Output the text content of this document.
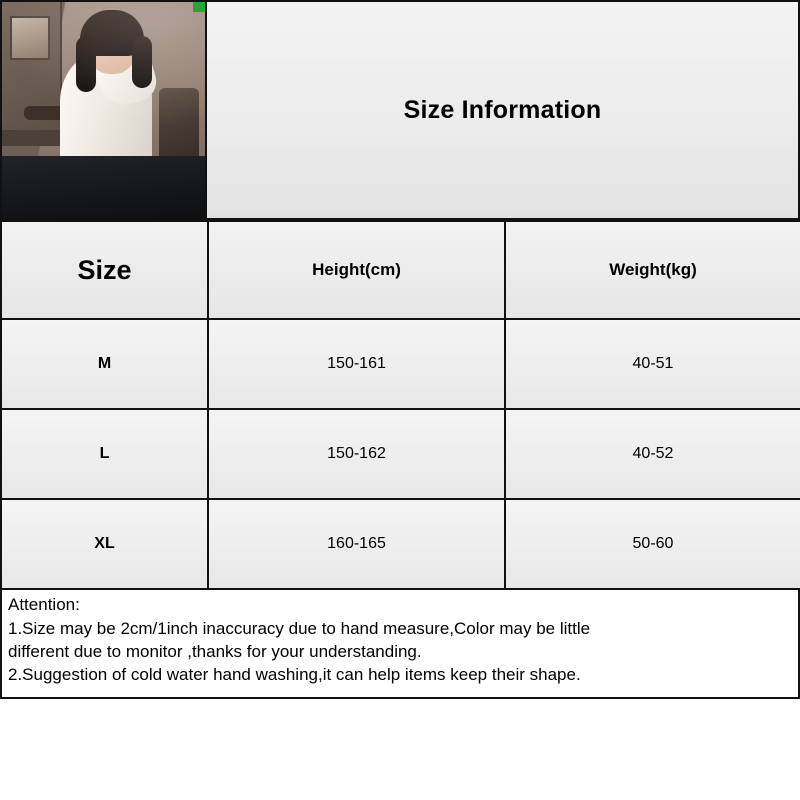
Size Information
Size	Height(cm)	Weight(kg)
M	150-161	40-51
L	150-162	40-52
XL	160-165	50-60

Attention:

1.Size may be 2cm/1inch inaccuracy due to hand measure,Color may be little

different due to monitor ,thanks for your understanding.

2.Suggestion of cold water hand washing,it can help items keep their shape.
